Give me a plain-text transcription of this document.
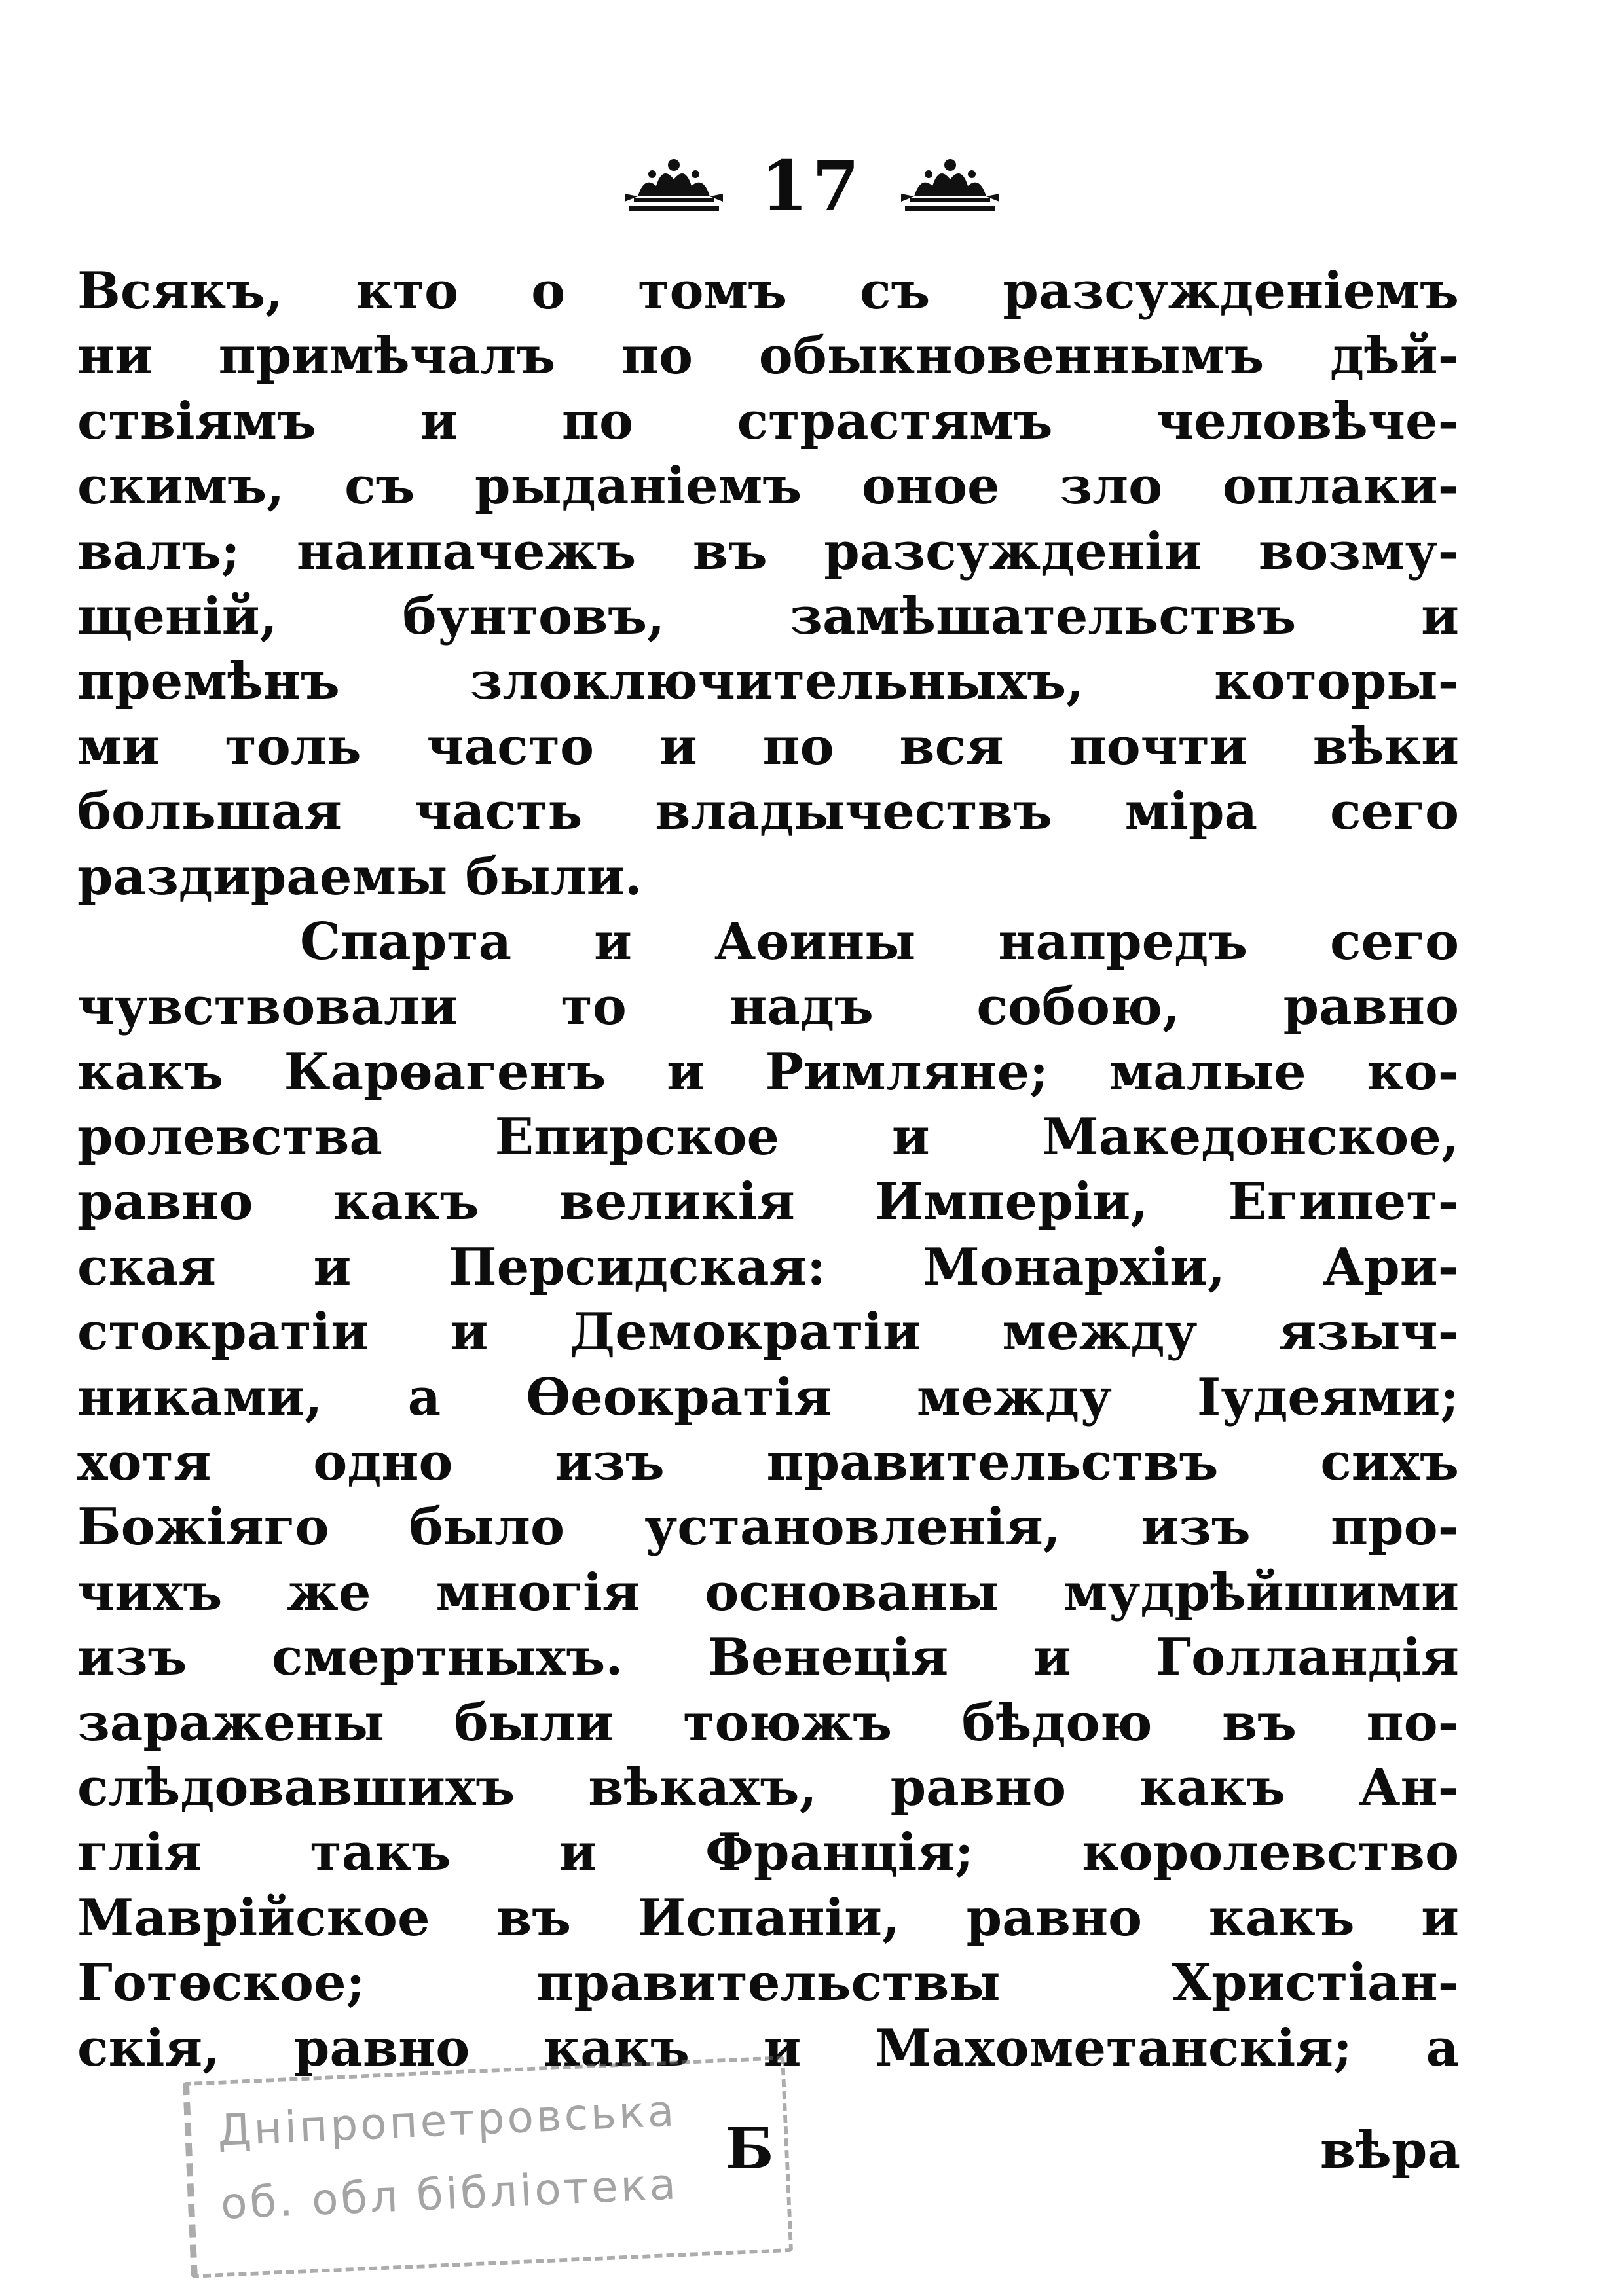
17
Всякъ, кто о томъ съ разсужденіемъ
ни примѣчалъ по обыкновеннымъ дѣй-
ствіямъ и по страстямъ человѣче-
скимъ, съ рыданіемъ оное зло оплаки-
валъ; наипачежъ въ разсужденіи возму-
щеній, бунтовъ, замѣшательствъ и
премѣнъ злоключительныхъ, которы-
ми толь часто и по вся почти вѣки
большая часть владычествъ міра сего
раздираемы были.
Спарта и Аѳины напредъ сего
чувствовали то надъ собою, равно
какъ Карѳагенъ и Римляне; малые ко-
ролевства Епирское и Македонское,
равно какъ великія Имперіи, Египет-
ская и Персидская: Монархіи, Ари-
стократіи и Демократіи между языч-
никами, а Ѳеократія между Іудеями;
хотя одно изъ правительствъ сихъ
Божіяго было установленія, изъ про-
чихъ же многія основаны мудрѣйшими
изъ смертныхъ. Венеція и Голландія
заражены были тоюжъ бѣдою въ по-
слѣдовавшихъ вѣкахъ, равно какъ Ан-
глія такъ и Франція; королевство
Маврійское въ Испаніи, равно какъ и
Готѳское; правительствы Христіан-
скія, равно какъ и Махометанскія; а
Дніпропетровська
об. обл бібліотека
Б	вѣра
